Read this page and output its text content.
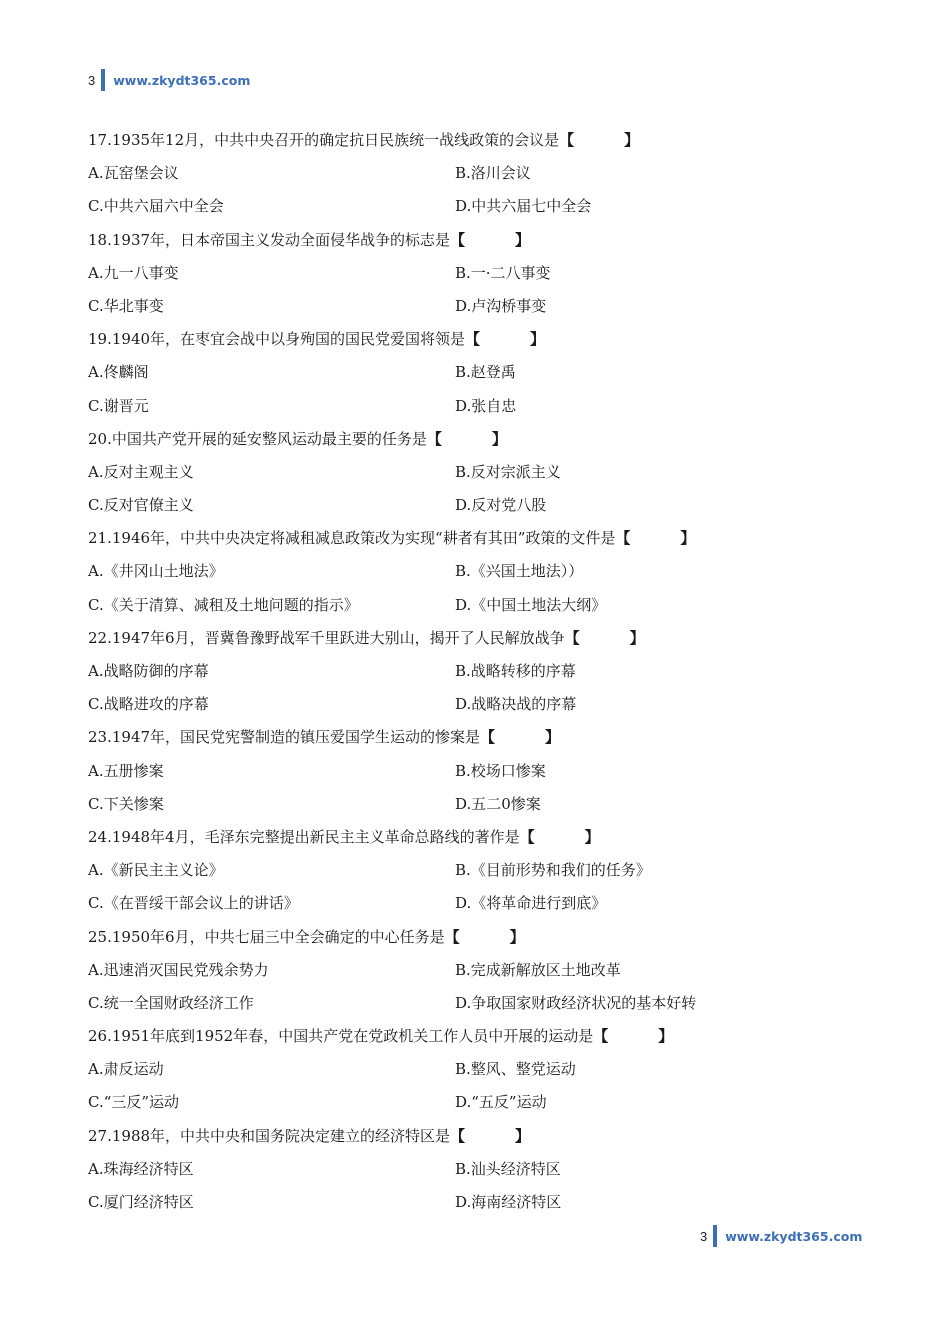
3 www.zkydt365.com
17.1935年12月，中共中央召开的确定抗日民族统一战线政策的会议是【	】
A.瓦窑堡会议	B.洛川会议
C.中共六届六中全会	D.中共六届七中全会
18.1937年，日本帝国主义发动全面侵华战争的标志是【	】
A.九一八事变	B.一·二八事变
C.华北事变	D.卢沟桥事变
19.1940年，在枣宜会战中以身殉国的国民党爱国将领是【	】
A.佟麟阁	B.赵登禹
C.谢晋元	D.张自忠
20.中国共产党开展的延安整风运动最主要的任务是【	】
A.反对主观主义	B.反对宗派主义
C.反对官僚主义	D.反对党八股
21.1946年，中共中央决定将减租减息政策改为实现“耕者有其田”政策的文件是【	】
A.《井冈山土地法》	B.《兴国土地法））
C.《关于清算、减租及土地问题的指示》	D.《中国土地法大纲》
22.1947年6月，晋冀鲁豫野战军千里跃进大别山，揭开了人民解放战争【	】
A.战略防御的序幕	B.战略转移的序幕
C.战略进攻的序幕	D.战略决战的序幕
23.1947年，国民党宪警制造的镇压爱国学生运动的惨案是【	】
A.五册惨案	B.校场口惨案
C.下关惨案	D.五二0惨案
24.1948年4月，毛泽东完整提出新民主主义革命总路线的著作是【	】
A.《新民主主义论》	B.《目前形势和我们的任务》
C.《在晋绥干部会议上的讲话》	D.《将革命进行到底》
25.1950年6月，中共七届三中全会确定的中心任务是【	】
A.迅速消灭国民党残余势力	B.完成新解放区土地改革
C.统一全国财政经济工作	D.争取国家财政经济状况的基本好转
26.1951年底到1952年春，中国共产党在党政机关工作人员中开展的运动是【	】
A.肃反运动	B.整风、整党运动
C.“三反”运动	D.“五反”运动
27.1988年，中共中央和国务院决定建立的经济特区是【	】
A.珠海经济特区	B.汕头经济特区
C.厦门经济特区	D.海南经济特区
3 www.zkydt365.com
